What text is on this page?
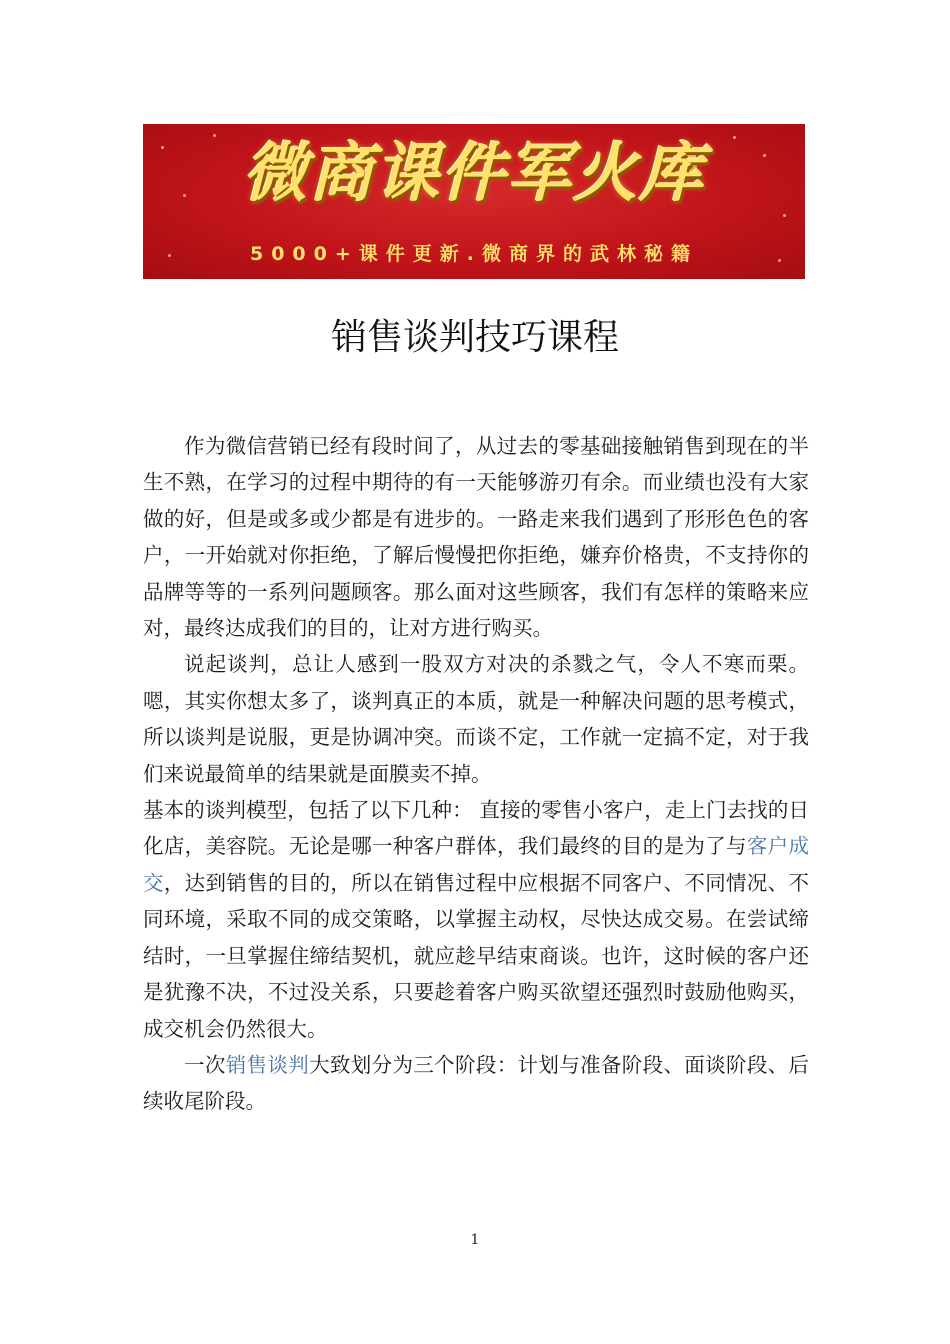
微商课件军火库
5000+课件更新.微商界的武林秘籍
销售谈判技巧课程

作为微信营销已经有段时间了，从过去的零基础接触销售到现在的半生不熟，在学习的过程中期待的有一天能够游刃有余。而业绩也没有大家做的好，但是或多或少都是有进步的。一路走来我们遇到了形形色色的客户，一开始就对你拒绝，了解后慢慢把你拒绝，嫌弃价格贵，不支持你的品牌等等的一系列问题顾客。那么面对这些顾客，我们有怎样的策略来应对，最终达成我们的目的，让对方进行购买。

说起谈判，总让人感到一股双方对决的杀戮之气，令人不寒而栗。嗯，其实你想太多了，谈判真正的本质，就是一种解决问题的思考模式，所以谈判是说服，更是协调冲突。而谈不定，工作就一定搞不定，对于我们来说最简单的结果就是面膜卖不掉。

基本的谈判模型，包括了以下几种： 直接的零售小客户，走上门去找的日化店，美容院。无论是哪一种客户群体，我们最终的目的是为了与客户成交，达到销售的目的，所以在销售过程中应根据不同客户、不同情况、不同环境，采取不同的成交策略，以掌握主动权，尽快达成交易。在尝试缔结时，一旦掌握住缔结契机，就应趁早结束商谈。也许，这时候的客户还是犹豫不决，不过没关系，只要趁着客户购买欲望还强烈时鼓励他购买，成交机会仍然很大。

一次销售谈判大致划分为三个阶段：计划与准备阶段、面谈阶段、后续收尾阶段。

1
